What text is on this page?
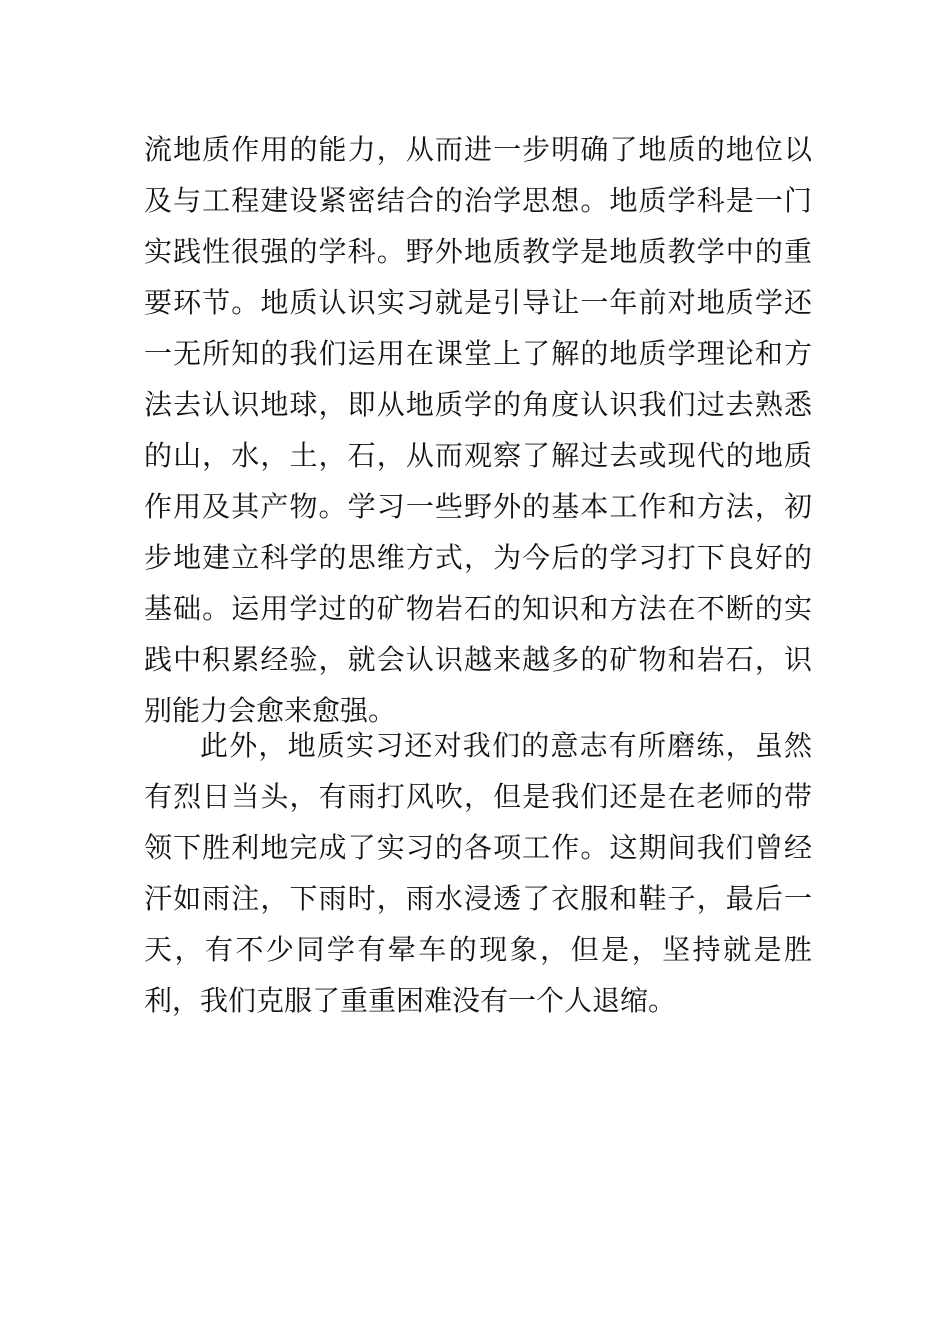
流地质作用的能力，从而进一步明确了地质的地位以及与工程建设紧密结合的治学思想。地质学科是一门实践性很强的学科。野外地质教学是地质教学中的重要环节。地质认识实习就是引导让一年前对地质学还一无所知的我们运用在课堂上了解的地质学理论和方法去认识地球，即从地质学的角度认识我们过去熟悉的山，水，土，石，从而观察了解过去或现代的地质作用及其产物。学习一些野外的基本工作和方法，初步地建立科学的思维方式，为今后的学习打下良好的基础。运用学过的矿物岩石的知识和方法在不断的实践中积累经验，就会认识越来越多的矿物和岩石，识别能力会愈来愈强。

此外，地质实习还对我们的意志有所磨练，虽然有烈日当头，有雨打风吹，但是我们还是在老师的带领下胜利地完成了实习的各项工作。这期间我们曾经汗如雨注，下雨时，雨水浸透了衣服和鞋子，最后一天，有不少同学有晕车的现象，但是，坚持就是胜利，我们克服了重重困难没有一个人退缩。
